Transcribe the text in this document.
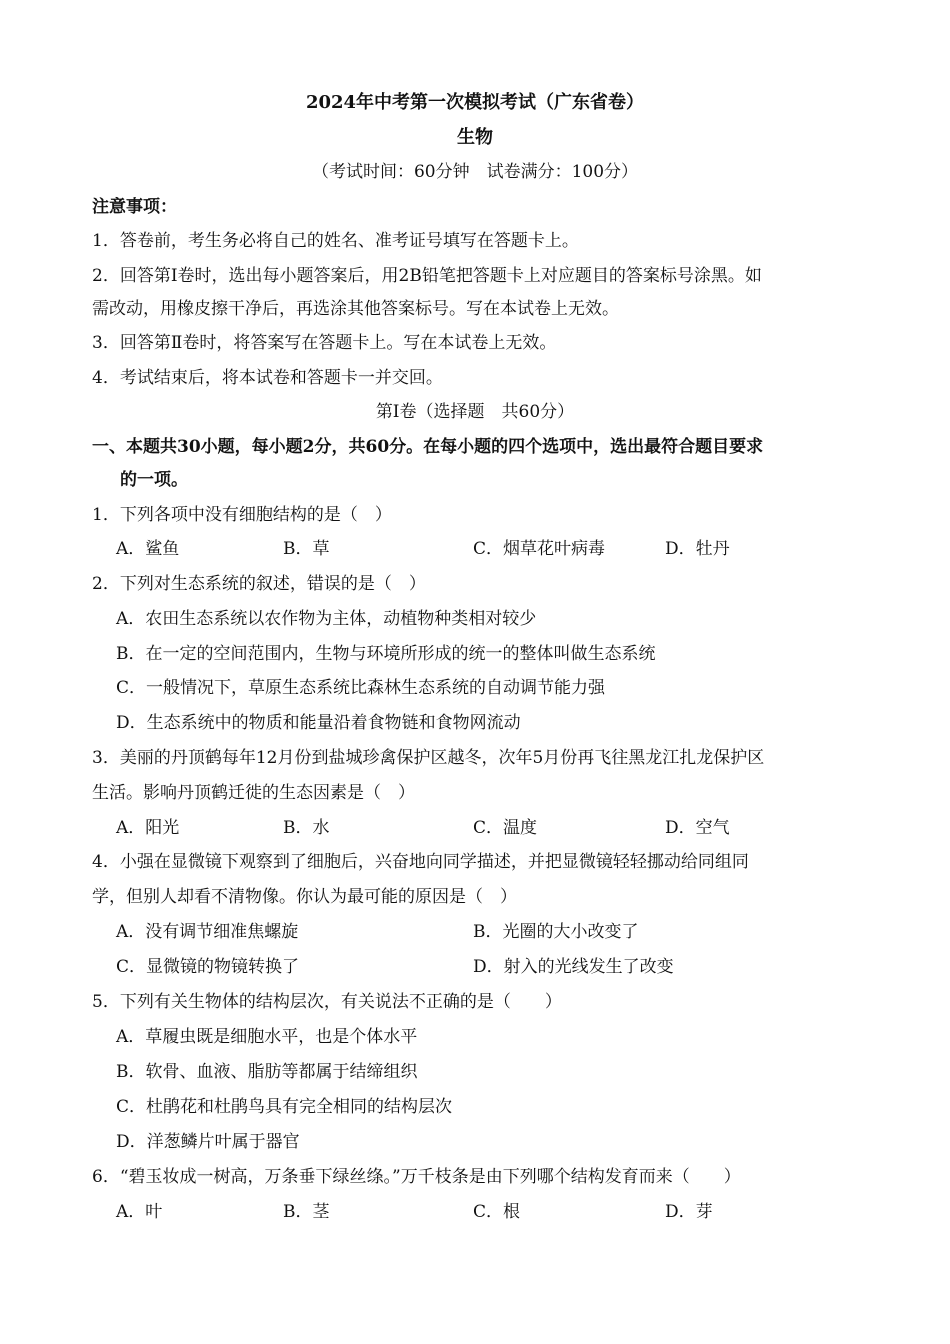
2024年中考第一次模拟考试（广东省卷）
生物
（考试时间：60分钟　试卷满分：100分）
注意事项：
1．答卷前，考生务必将自己的姓名、准考证号填写在答题卡上。
2．回答第Ⅰ卷时，选出每小题答案后，用2B铅笔把答题卡上对应题目的答案标号涂黑。如
需改动，用橡皮擦干净后，再选涂其他答案标号。写在本试卷上无效。
3．回答第Ⅱ卷时，将答案写在答题卡上。写在本试卷上无效。
4．考试结束后，将本试卷和答题卡一并交回。
第Ⅰ卷（选择题　共60分）
一、本题共30小题，每小题2分，共60分。在每小题的四个选项中，选出最符合题目要求
的一项。
1．下列各项中没有细胞结构的是（　）
A．鲨鱼	B．草	C．烟草花叶病毒	D．牡丹
2．下列对生态系统的叙述，错误的是（　）
A．农田生态系统以农作物为主体，动植物种类相对较少
B．在一定的空间范围内，生物与环境所形成的统一的整体叫做生态系统
C．一般情况下，草原生态系统比森林生态系统的自动调节能力强
D．生态系统中的物质和能量沿着食物链和食物网流动
3．美丽的丹顶鹤每年12月份到盐城珍禽保护区越冬，次年5月份再飞往黑龙江扎龙保护区
生活。影响丹顶鹤迁徙的生态因素是（　）
A．阳光	B．水	C．温度	D．空气
4．小强在显微镜下观察到了细胞后，兴奋地向同学描述，并把显微镜轻轻挪动给同组同
学，但别人却看不清物像。你认为最可能的原因是（　）
A．没有调节细准焦螺旋	B．光圈的大小改变了
C．显微镜的物镜转换了	D．射入的光线发生了改变
5．下列有关生物体的结构层次，有关说法不正确的是（　　）
A．草履虫既是细胞水平，也是个体水平
B．软骨、血液、脂肪等都属于结缔组织
C．杜鹃花和杜鹃鸟具有完全相同的结构层次
D．洋葱鳞片叶属于器官
6．“碧玉妆成一树高，万条垂下绿丝绦。”万千枝条是由下列哪个结构发育而来（　　）
A．叶	B．茎	C．根	D．芽
